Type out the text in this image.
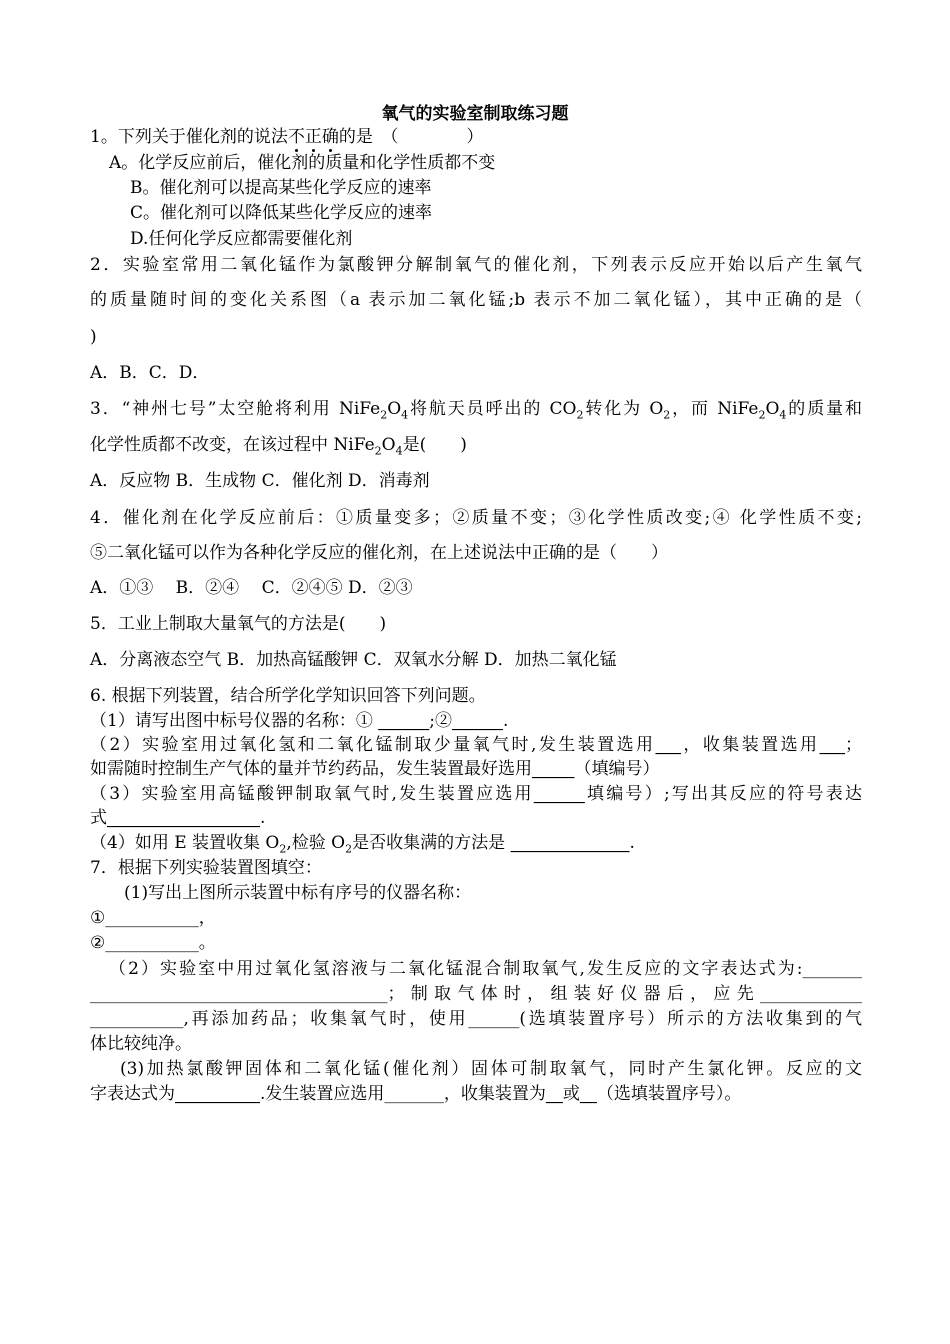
氧气的实验室制取练习题
1。下列关于催化剂的说法不正确的是　（　　　　）
A。化学反应前后，催化剂的质量和化学性质都不变
B。催化剂可以提高某些化学反应的速率
C。催化剂可以降低某些化学反应的速率
D.任何化学反应都需要催化剂
2．实验室常用二氧化锰作为氯酸钾分解制氧气的催化剂，下列表示反应开始以后产生氧气
的质量随时间的变化关系图（a 表示加二氧化锰;b 表示不加二氧化锰），其中正确的是（
)
A．B．C．D．
3．“神州七号”太空舱将利用 $NiFe_2O_4$将航天员呼出的 $CO_2$转化为 $O_2$，而 $NiFe_2O_4$的质量和
化学性质都不改变，在该过程中 $NiFe_2O_4$是(　　)
A．反应物 B．生成物 C．催化剂 D．消毒剂
4．催化剂在化学反应前后：①质量变多；②质量不变；③化学性质改变;④ 化学性质不变;
⑤二氧化锰可以作为各种化学反应的催化剂，在上述说法中正确的是（　　）
A．①③　 B．②④　 C．②④⑤ D．②③
5．工业上制取大量氧气的方法是(　　)
A．分离液态空气 B．加热高锰酸钾 C．双氧水分解 D．加热二氧化锰
6. 根据下列装置，结合所学化学知识回答下列问题。
（1）请写出图中标号仪器的名称：① ______;②______.
（2）实验室用过氧化氢和二氧化锰制取少量氧气时,发生装置选用___，收集装置选用___；
如需随时控制生产气体的量并节约药品，发生装置最好选用_____（填编号）
（3）实验室用高锰酸钾制取氧气时,发生装置应选用______填编号）;写出其反应的符号表达
式__________________.
（4）如用 E 装置收集 $O_2$,检验 $O_2$是否收集满的方法是 ______________.
7．根据下列实验装置图填空：
(1)写出上图所示装置中标有序号的仪器名称：
①___________，
②___________。
（2）实验室中用过氧化氢溶液与二氧化锰混合制取氧气,发生反应的文字表达式为:_______
___________________________________；制取气体时，组装好仪器后，应先____________
___________,再添加药品；收集氧气时，使用______(选填装置序号）所示的方法收集到的气
体比较纯净。
(3)加热氯酸钾固体和二氧化锰(催化剂）固体可制取氧气，同时产生氯化钾。反应的文
字表达式为__________.发生装置应选用_______，收集装置为__或__（选填装置序号）。
